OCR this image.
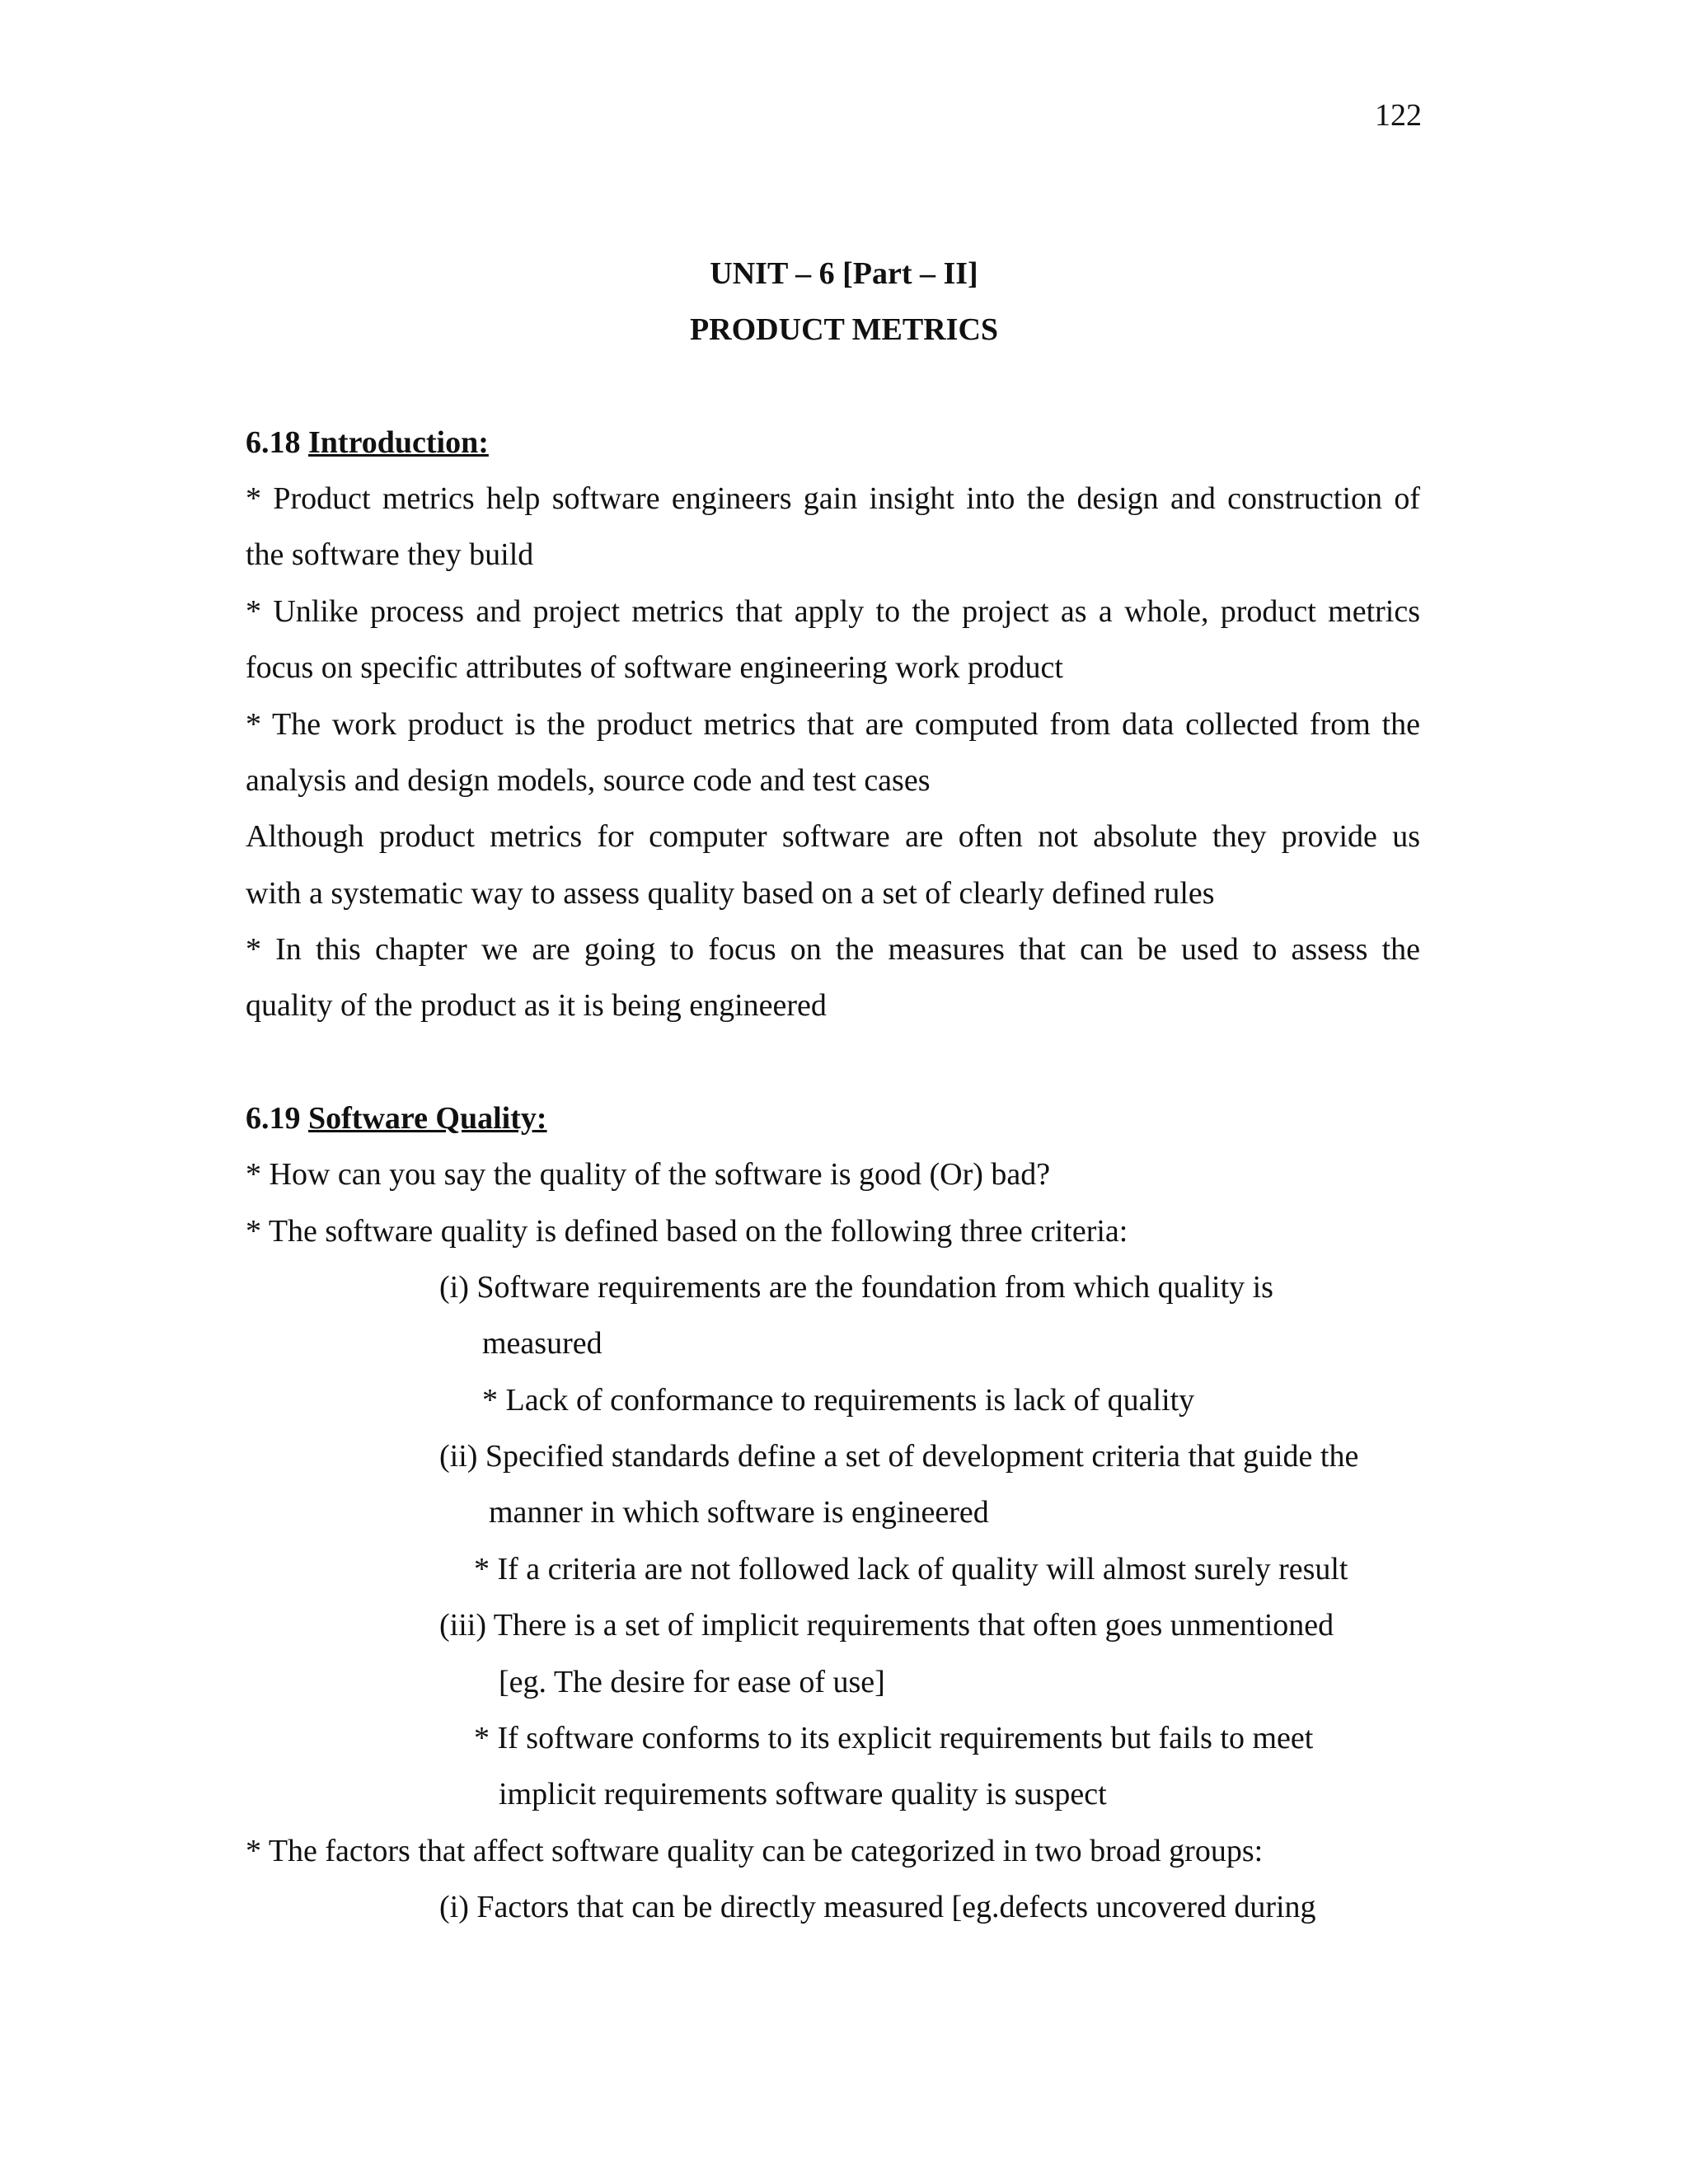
122
UNIT – 6 [Part – II]
PRODUCT METRICS
6.18 Introduction:
* Product metrics help software engineers gain insight into the design and construction of
the software they build
* Unlike process and project metrics that apply to the project as a whole, product metrics
focus on specific attributes of software engineering work product
* The work product is the product metrics that are computed from data collected from the
analysis and design models, source code and test cases
Although product metrics for computer software are often not absolute they provide us
with a systematic way to assess quality based on a set of clearly defined rules
* In this chapter we are going to focus on the measures that can be used to assess the
quality of the product as it is being engineered
6.19 Software Quality:
* How can you say the quality of the software is good (Or) bad?
* The software quality is defined based on the following three criteria:
(i) Software requirements are the foundation from which quality is
measured
* Lack of conformance to requirements is lack of quality
(ii) Specified standards define a set of development criteria that guide the
manner in which software is engineered
* If a criteria are not followed lack of quality will almost surely result
(iii) There is a set of implicit requirements that often goes unmentioned
[eg. The desire for ease of use]
* If software conforms to its explicit requirements but fails to meet
implicit requirements software quality is suspect
* The factors that affect software quality can be categorized in two broad groups:
(i) Factors that can be directly measured [eg.defects uncovered during
